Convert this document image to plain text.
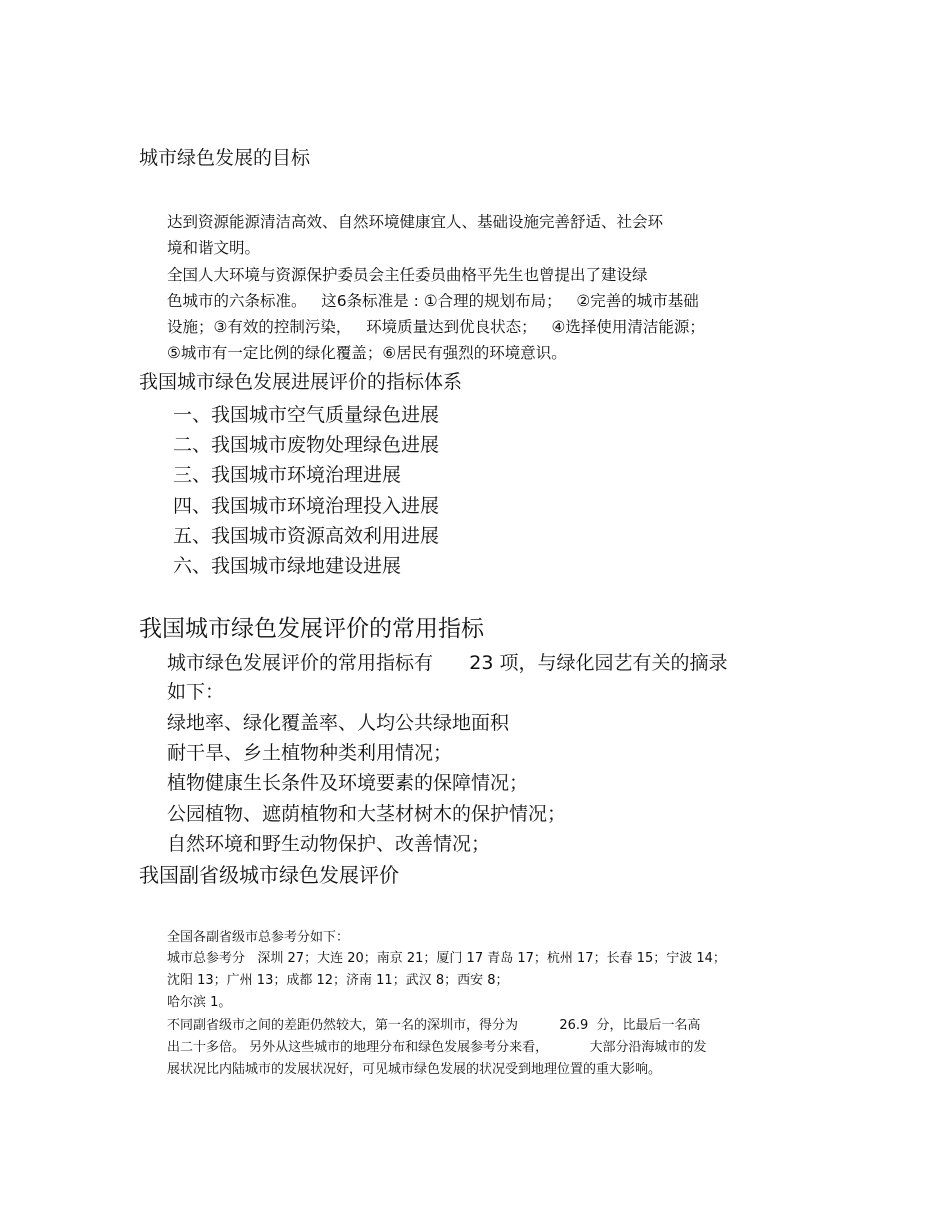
城市绿色发展的目标

达到资源能源清洁高效、自然环境健康宜人、基础设施完善舒适、社会环

境和谐文明。

全国人大环境与资源保护委员会主任委员曲格平先生也曾提出了建设绿

色城市的六条标准。   这6条标准是 : ①合理的规划布局；   ②完善的城市基础

设施；③有效的控制污染，   环境质量达到优良状态；   ④选择使用清洁能源；

⑤城市有一定比例的绿化覆盖；⑥居民有强烈的环境意识。

我国城市绿色发展进展评价的指标体系

一、我国城市空气质量绿色进展

二、我国城市废物处理绿色进展

三、我国城市环境治理进展

四、我国城市环境治理投入进展

五、我国城市资源高效利用进展

六、我国城市绿地建设进展

我国城市绿色发展评价的常用指标

城市绿色发展评价的常用指标有      23 项，与绿化园艺有关的摘录

如下：

绿地率、绿化覆盖率、人均公共绿地面积

耐干旱、乡土植物种类利用情况；

植物健康生长条件及环境要素的保障情况；

公园植物、遮荫植物和大茎材树木的保护情况；

自然环境和野生动物保护、改善情况；

我国副省级城市绿色发展评价

全国各副省级市总参考分如下：

城市总参考分   深圳 27；大连 20；南京 21；厦门 17 青岛 17；杭州 17；长春 15；宁波 14；

沈阳 13；广州 13；成都 12；济南 11；武汉 8；西安 8；

哈尔滨 1。

不同副省级市之间的差距仍然较大，第一名的深圳市，得分为          26.9  分，比最后一名高

出二十多倍。 另外从这些城市的地理分布和绿色发展参考分来看，          大部分沿海城市的发

展状况比内陆城市的发展状况好，可见城市绿色发展的状况受到地理位置的重大影响。
